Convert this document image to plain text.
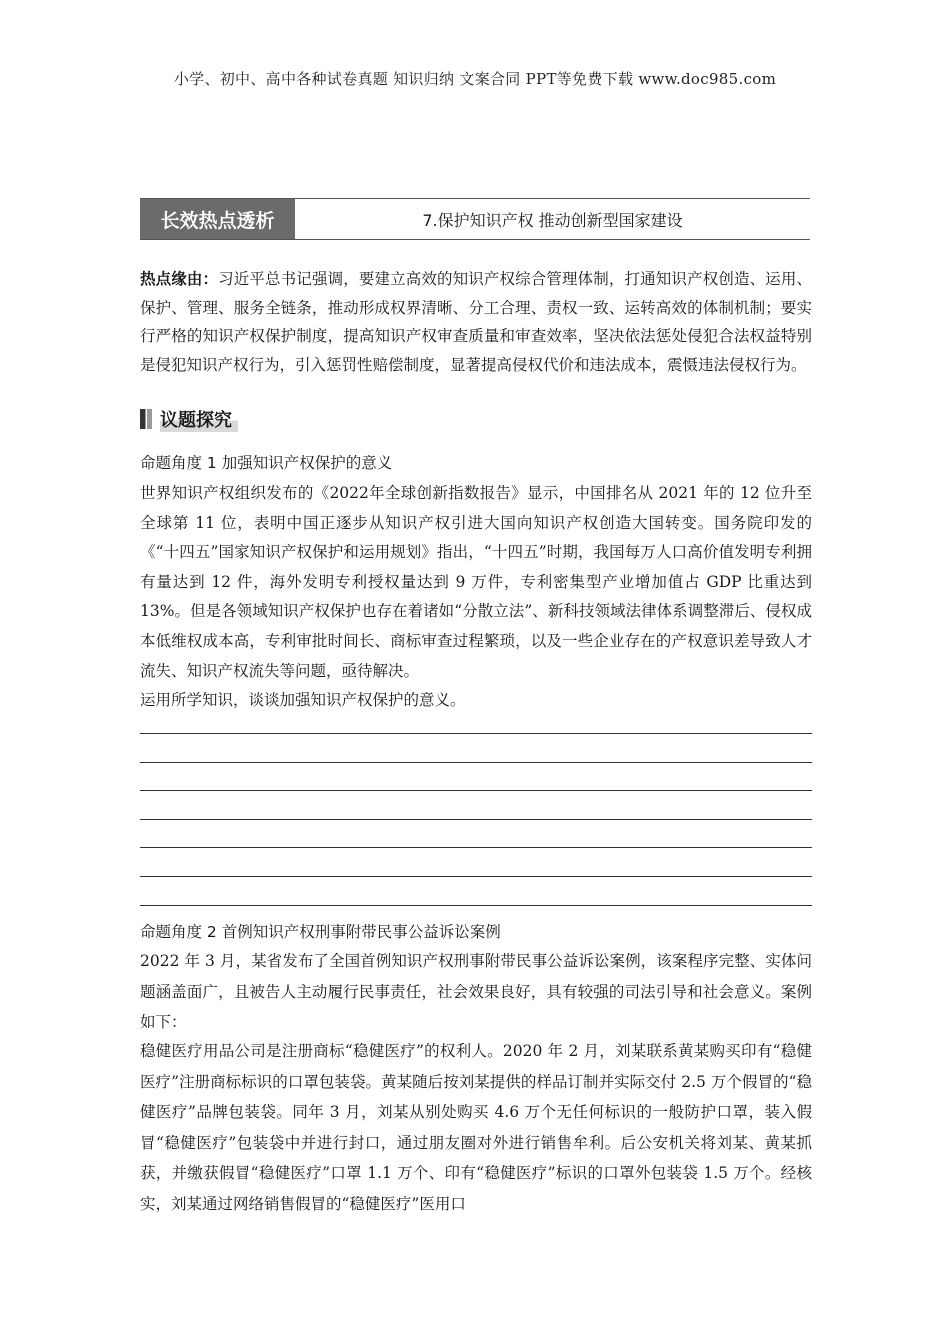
小学、初中、高中各种试卷真题 知识归纳 文案合同 PPT等免费下载 www.doc985.com
长效热点透析	7.保护知识产权 推动创新型国家建设
热点缘由：习近平总书记强调，要建立高效的知识产权综合管理体制，打通知识产权创造、运用、保护、管理、服务全链条，推动形成权界清晰、分工合理、责权一致、运转高效的体制机制；要实行严格的知识产权保护制度，提高知识产权审查质量和审查效率，坚决依法惩处侵犯合法权益特别是侵犯知识产权行为，引入惩罚性赔偿制度，显著提高侵权代价和违法成本，震慑违法侵权行为。
议题探究
命题角度 1 加强知识产权保护的意义
世界知识产权组织发布的《2022年全球创新指数报告》显示，中国排名从 2021 年的 12 位升至全球第 11 位，表明中国正逐步从知识产权引进大国向知识产权创造大国转变。国务院印发的《“十四五”国家知识产权保护和运用规划》指出，“十四五”时期，我国每万人口高价值发明专利拥有量达到 12 件，海外发明专利授权量达到 9 万件，专利密集型产业增加值占 GDP 比重达到 13%。但是各领域知识产权保护也存在着诸如“分散立法”、新科技领域法律体系调整滞后、侵权成本低维权成本高，专利审批时间长、商标审查过程繁琐，以及一些企业存在的产权意识差导致人才流失、知识产权流失等问题，亟待解决。
运用所学知识，谈谈加强知识产权保护的意义。
命题角度 2 首例知识产权刑事附带民事公益诉讼案例
2022 年 3 月，某省发布了全国首例知识产权刑事附带民事公益诉讼案例，该案程序完整、实体问题涵盖面广，且被告人主动履行民事责任，社会效果良好，具有较强的司法引导和社会意义。案例如下：
稳健医疗用品公司是注册商标“稳健医疗”的权利人。2020 年 2 月，刘某联系黄某购买印有“稳健医疗”注册商标标识的口罩包装袋。黄某随后按刘某提供的样品订制并实际交付 2.5 万个假冒的“稳健医疗”品牌包装袋。同年 3 月，刘某从别处购买 4.6 万个无任何标识的一般防护口罩，装入假冒“稳健医疗”包装袋中并进行封口，通过朋友圈对外进行销售牟利。后公安机关将刘某、黄某抓获，并缴获假冒“稳健医疗”口罩 1.1 万个、印有“稳健医疗”标识的口罩外包装袋 1.5 万个。经核实，刘某通过网络销售假冒的“稳健医疗”医用口
